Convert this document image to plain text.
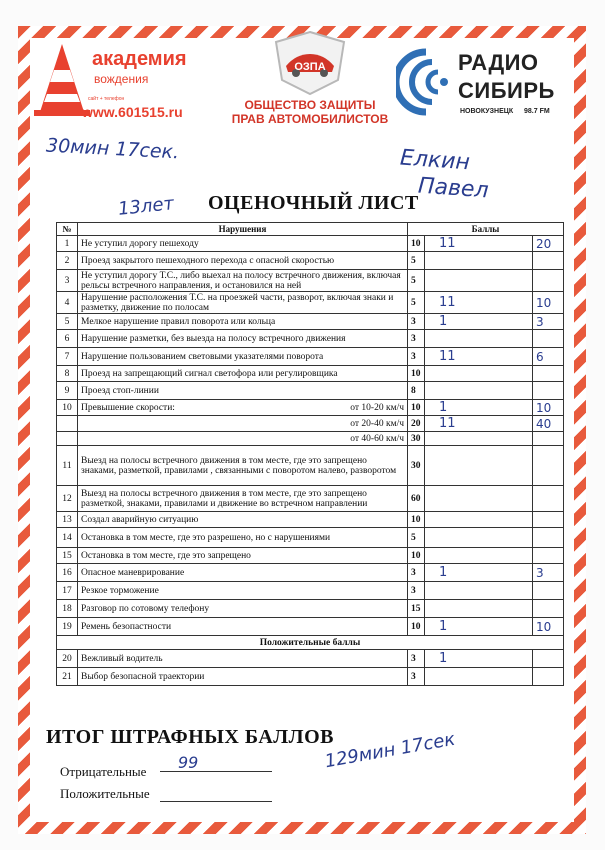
академия
вождения
сайт + телефон
www.601515.ru
ОЗПА
ОБЩЕСТВО ЗАЩИТЫ
ПРАВ АВТОМОБИЛИСТОВ
РАДИО
СИБИРЬ
НОВОКУЗНЕЦК 98.7 FM
30мин 17сек.	Елкин
Павел
13лет ОЦЕНОЧНЫЙ ЛИСТ
№	Нарушения	Баллы		
1	Не уступил дорогу пешеходу	10	11	20
2	Проезд закрытого пешеходного перехода с опасной скоростью	5		
3	Не уступил дорогу Т.С., либо выехал на полосу встречного движения, включая рельсы встречного направления, и остановился на ней	5		
4	Нарушение расположения Т.С. на проезжей части, разворот, включая знаки и разметку, движение по полосам	5	11	10
5	Мелкое нарушение правил поворота или кольца	3	1	3
6	Нарушение разметки, без выезда на полосу встречного движения	3		
7	Нарушение пользованием световыми указателями поворота	3	11	6
8	Проезд на запрещающий сигнал светофора или регулировщика	10		
9	Проезд стоп-линии	8		
10	Превышение скорости: от 10-20 км/ч	10	1	10

	от 20-40 км/ч	20	11	40

	от 40-60 км/ч	30		
11	Выезд на полосы встречного движения в том месте, где это запрещено знаками, разметкой, правилами , связанными с поворотом налево, разворотом	30		
12	Выезд на полосы встречного движения в том месте, где это запрещено разметкой, знаками, правилами и движение во встречном направлении	60		
13	Создал аварийную ситуацию	10		
14	Остановка в том месте, где это разрешено, но с нарушениями	5		
15	Остановка в том месте, где это запрещено	10		
16	Опасное маневрирование	3	1	3
17	Резкое торможение	3		
18	Разговор по сотовому телефону	15		
19	Ремень безопастности	10	1	10
Положительные баллы				
20	Вежливый водитель	3	1	
21	Выбор безопасной траектории	3		
ИТОГ ШТРАФНЫХ БАЛЛОВ
129мин 17сек
Отрицательные 99
Положительные
